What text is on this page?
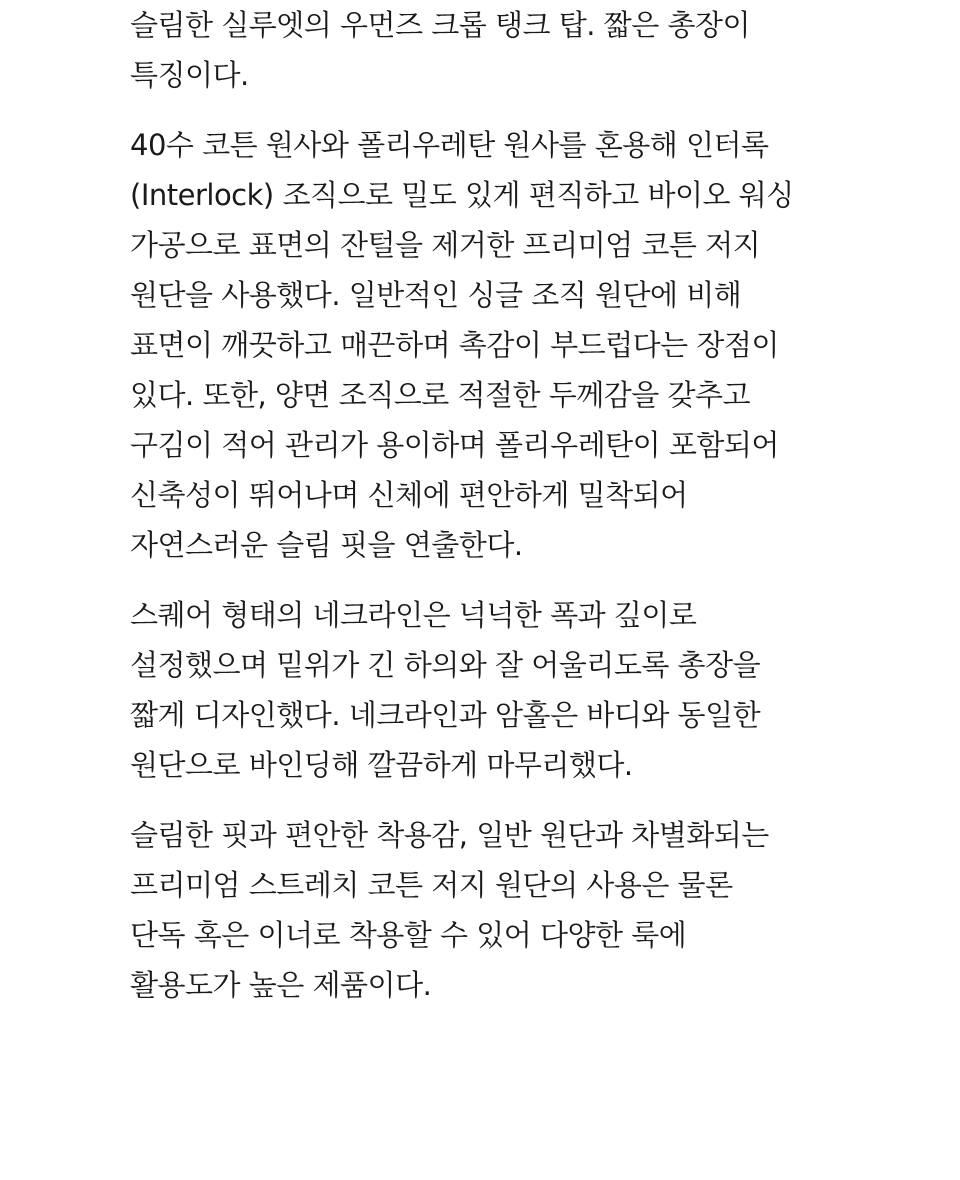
슬림한 실루엣의 우먼즈 크롭 탱크 탑. 짧은 총장이
특징이다.

40수 코튼 원사와 폴리우레탄 원사를 혼용해 인터록
(Interlock) 조직으로 밀도 있게 편직하고 바이오 워싱
가공으로 표면의 잔털을 제거한 프리미엄 코튼 저지
원단을 사용했다. 일반적인 싱글 조직 원단에 비해
표면이 깨끗하고 매끈하며 촉감이 부드럽다는 장점이
있다. 또한, 양면 조직으로 적절한 두께감을 갖추고
구김이 적어 관리가 용이하며 폴리우레탄이 포함되어
신축성이 뛰어나며 신체에 편안하게 밀착되어
자연스러운 슬림 핏을 연출한다.

스퀘어 형태의 네크라인은 넉넉한 폭과 깊이로
설정했으며 밑위가 긴 하의와 잘 어울리도록 총장을
짧게 디자인했다. 네크라인과 암홀은 바디와 동일한
원단으로 바인딩해 깔끔하게 마무리했다.

슬림한 핏과 편안한 착용감, 일반 원단과 차별화되는
프리미엄 스트레치 코튼 저지 원단의 사용은 물론
단독 혹은 이너로 착용할 수 있어 다양한 룩에
활용도가 높은 제품이다.
